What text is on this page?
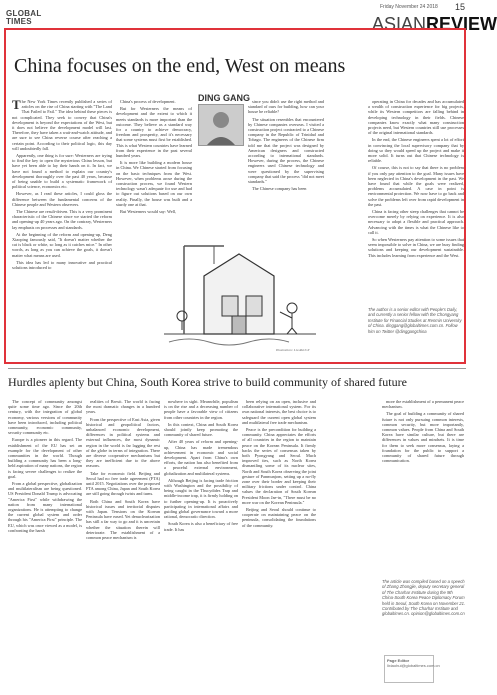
GLOBAL
TIMES
Friday November 24 2018 15
ASIANREVIEW
China focuses on the end, West on means

The New York Times recently published a series of articles on the rise of China starting with "The Land That Failed to Fail." The idea behind these pieces is not complicated. They seek to convey that China's development is beyond the expectations of the West, but it does not believe the development model will last. Therefore, they have taken a wait-and-watch attitude, and are sure to see China reverse course after reaching a certain point. According to their political logic, this day will undoubtedly fall.

Apparently, one thing is for sure: Westerners are trying to find the key to open the mysterious China lesson, but have yet been able to lay their hands on it. In fact, we have not found a method to explain our country's development thoroughly over the past 40 years, because of being unable to build a systematic framework of political science, economics etc.

However, as I read these articles, I could gloss the difference between the fundamental concerns of the Chinese people and Western observers.

The Chinese are result-driven. This is a very prominent characteristic of the Chinese since we started the reform and opening-up 40 years ago. On the contrary, Westerners lay emphasis on processes and standards.

At the beginning of the reform and opening-up, Deng Xiaoping famously said, "It doesn't matter whether the cat is black or white, so long as it catches mice." In other words, as long as you can achieve the goals, it doesn't matter what means are used.

This idea has led to many innovative and practical solutions introduced to

China's process of development.

But for Westerners the means of development and the extent to which it meets standards is more important than the outcome. They believe as a standard way for a country to achieve democracy, freedom and prosperity, and it's necessary that some systems must first be established. This is what Western countries have learned from their experience in the past several hundred years.

It is more like building a modern house in China. We Chinese started from focusing on the basic techniques from the West. However, when problems arose during the construction process, we found Western technology wasn't adequate for use and had to figure out solutions based on our own reality. Finally, the house was built and a sturdy one at that.

But Westerners would say: Well,

DING GANG since you didn't use the right method and standard of ours for building, how can your house be reliable?

The situation resembles that encountered by Chinese companies overseas. I visited a construction project contracted to a Chinese company in the Republic of Trinidad and Tobago. The engineers of the Chinese firm told me that the project was designed by American designers and constructed according to international standards. However, during the process, the Chinese engineers used Chinese technology and were questioned by the supervising company that said the process "did not meet standards."

The Chinese company has been

operating in China for decades and has accumulated a wealth of construction experience for big projects, while its Western competitors are falling behind in developing technology in their fields. Chinese companies know exactly what many construction projects need, but Western countries still use processes of the original international standards.

In the end, the Chinese engineers spent a lot of effort in convincing the local supervisory company that by doing so they would speed up the project and make it more solid. It turns out that Chinese technology is reliable.

Of course, this is not to say that there is no problem if you only pay attention to the goal. Many issues have been neglected in China's development in the past. We have found that while the goals were realized, problems accumulated. A case in point is environmental protection. We now have to go back and solve the problems left over from rapid development in the past.

China is facing other steep challenges that cannot be overcome merely by relying on experience. It is also necessary to adopt a flexible and practical approach. Advancing with the times is what the Chinese like to call it.

So when Westerners pay attention to some issues that seem impossible to solve in China, we are busy finding solutions and keeping our development sustainable. This includes learning from experience and the West.

Illustration: Liu Rui/GT
The author is a senior editor with People's Daily, and currently a senior fellow with the Chongyang Institute for Financial Studies at Renmin University of China. dinggang@globaltimes.com.cn. Follow him on Twitter @dinggangchina
Hurdles aplenty but China, South Korea strive to build community of shared future

The concept of community amongst quite some time ago. Since the 20th century, with the integration of global economy, various versions of community have been introduced, including political community, economic community, security community etc.

Europe is a pioneer in this regard. The establishment of the EU has set an example for the development of other communities in the world. Though building a community has been a long-held aspiration of many nations, the region is facing severe challenges to realize the goal.

From a global perspective, globalization and multilateralism are being questioned. US President Donald Trump is advocating "America First" while withdrawing the nation from many international organizations. He is attempting to change the current global system and order through his "America First" principle. The EU, which was once viewed as a model, is confronting the harsh

realities of Brexit. The world is facing the most dramatic changes in a hundred years.

From the perspective of East Asia, given historical and geopolitical factors, unbalanced economic development, differences in political systems and external influences, the most dynamic region in the world is far lagging the rest of the globe in terms of integration. There are diverse cooperative mechanisms but they are inefficient due to the above reasons.

Take for economic field. Beijing and Seoul had no free trade agreement (FTA) until 2015. Negotiations over the proposed FTA among China, Japan and South Korea are still going through twists and turns.

Both China and South Korea have historical issues and territorial disputes with Japan. Tensions on the Korean Peninsula have eased. Yet denuclearization has still a far way to go and it is uncertain whether the situation therein will deteriorate. The establishment of a common peace mechanism is

nowhere in sight. Meanwhile, populism is on the rise and a decreasing number of people have a favorable view of citizens from other countries in the region.

In this context, China and South Korea should jointly keep promoting the community of shared future.

After 40 years of reform and opening-up, China has made tremendous achievement in economic and social development. Apart from China's own efforts, the nation has also benefited from a peaceful external environment, globalization and multilateral systems.

Although Beijing is facing trade friction with Washington and the possibility of being caught in the Thucydides Trap and middle-income trap, it is firmly holding on to further opening-up. It is proactively participating in international affairs and guiding global governance toward a more rational, democratic direction.

South Korea is also a beneficiary of free trade. It has

been relying on an open, inclusive and collaborative international system. For its own national interests, the best choice is to safeguard the current open global system and multilateral free trade mechanism.

Peace is the precondition for building a community. China appreciates the efforts of all countries in the region to maintain peace on the Korean Peninsula. It firmly backs the series of consensus taken by both Pyongyang and Seoul. Much improved ties, such as North Korea dismantling some of its nuclear sites, North and South Korea observing the joint gesture of Panmunjom, setting up a no-fly zone over their border and keeping their military frictions under control. China values the declaration of South Korean President Moon Jae-in, "There must be no more war on the Korean Peninsula."

Beijing and Seoul should continue to cooperate on maintaining peace on the peninsula, consolidating the foundations of the community.

more the establishment of a permanent peace mechanism.

The goal of building a community of shared future is not only pursuing common interests, common security, but more importantly, common values. People from China and South Korea have similar culture, but there are differences in values and mindsets. It is time for them to seek more consensus, laying a foundation for the public to support a community of shared future through communication.

The article was compiled based on a speech of Zhang Zhongjie, deputy secretary general of The Charhar Institute during the 9th China-South Korea Peace Diplomacy Forum held in Seoul, South Korea on November 21. Contributed by The Charhar Institute and globaltimes.cn. opinion@globaltimes.com.cn
Page Editor
lixiaohui@globaltimes.com.cn
